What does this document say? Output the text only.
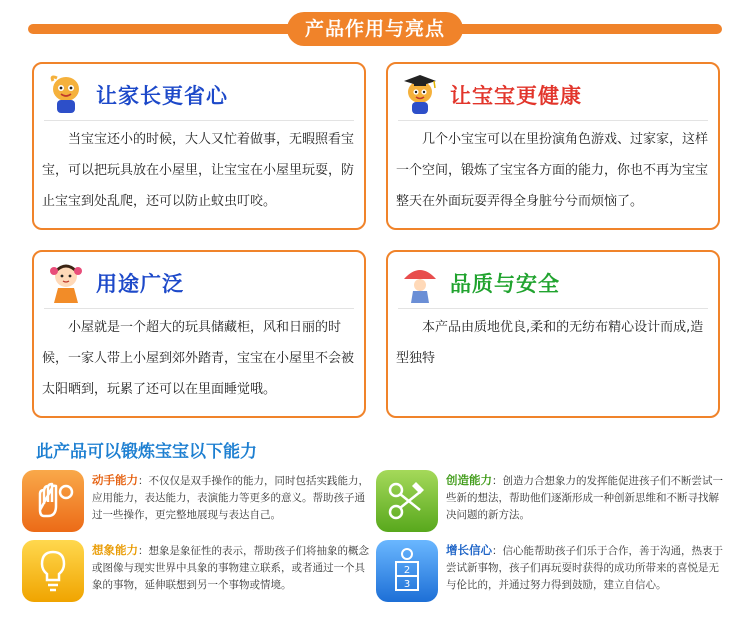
产品作用与亮点
让家长更省心
当宝宝还小的时候，大人又忙着做事，无暇照看宝宝，可以把玩具放在小屋里，让宝宝在小屋里玩耍，防止宝宝到处乱爬，还可以防止蚊虫叮咬。
让宝宝更健康
几个小宝宝可以在里扮演角色游戏、过家家，这样一个空间，锻炼了宝宝各方面的能力，你也不再为宝宝整天在外面玩耍弄得全身脏兮兮而烦恼了。
用途广泛
小屋就是一个超大的玩具储藏柜，风和日丽的时候，一家人带上小屋到郊外踏青，宝宝在小屋里不会被太阳晒到，玩累了还可以在里面睡觉哦。
品质与安全
本产品由质地优良,柔和的无纺布精心设计而成,造型独特
此产品可以锻炼宝宝以下能力
动手能力：不仅仅是双手操作的能力，同时包括实践能力，应用能力，表达能力，表演能力等更多的意义。帮助孩子通过一些操作，更完整地展现与表达自己。
创造能力：创造力合想象力的发挥能促进孩子们不断尝试一些新的想法，帮助他们逐渐形成一种创新思维和不断寻找解决问题的新方法。
想象能力：想象是象征性的表示，帮助孩子们将抽象的概念或图像与现实世界中具象的事物建立联系，或者通过一个具象的事物，延伸联想到另一个事物或情境。
2
3
增长信心：信心能帮助孩子们乐于合作，善于沟通，热衷于尝试新事物，孩子们再玩耍时获得的成功所带来的喜悦是无与伦比的，并通过努力得到鼓励，建立自信心。
